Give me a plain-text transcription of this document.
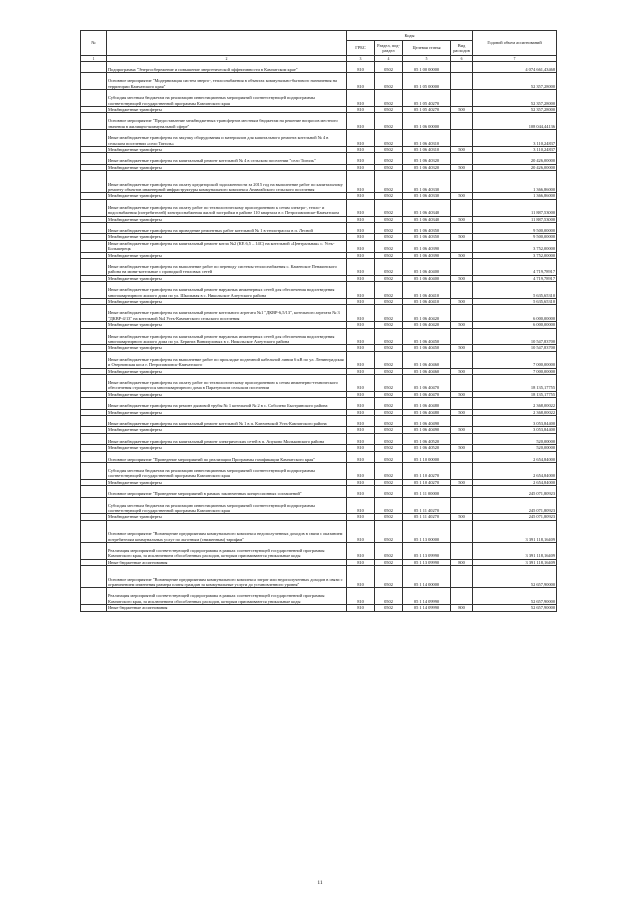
№		Коды				Годовой объем ассигнований
		ГРБС	Раздел, под-раздел	Целевая статья	Вид расходов	
1	2	3	4	5	6	7
	Подпрограмма "Энергосбережение и повышение энергетической эффективности в Камчатском крае"	810	0502	05 1 00 00000		4 074 661,43468
	Основное мероприятие "Модернизация систем энерго-, теплоснабжения в объектах коммунально-бытового назначения на территории Камчатского края"	810	0502	05 1 05 00000		52 357,28000
	Субсидия местным бюджетам на реализацию инвестиционных мероприятий соответствующей подпрограммы соответствующей государственной программы Камчатского края	810	0502	05 1 05 40270		52 357,28000
	Межбюджетные трансферты	810	0502	05 1 05 40270	500	52 357,28000
	Основное мероприятие "Предоставление межбюджетных трансфертов местным бюджетам на решение вопросов местного значения в жилищно-коммунальной сфере"	810	0502	05 1 06 00000		108 044,44136
	Иные межбюджетные трансферты на закупку оборудования и материалов для капитального ремонта котельной № 4 в сельском поселении «село Тигиль»	810	0502	05 1 06 40310		3 110,24837
	Межбюджетные трансферты	810	0502	05 1 06 40310	500	3 110,24837
	Иные межбюджетные трансферты на капитальный ремонт котельной № 4 в сельском поселении "село Тигиль"	810	0502	05 1 06 40320		20 426,00000
	Межбюджетные трансферты	810	0502	05 1 06 40320	500	20 426,00000
	Иные межбюджетные трансферты на оплату кредиторской задолженности за 2015 год на выполнение работ по капитальному ремонту объектов инженерной инфраструктуры коммунального комплекса Анавгайского сельского поселения	810	0502	05 1 06 40330		1 366,86000
	Межбюджетные трансферты	810	0502	05 1 06 40330	500	1 366,86000
	Иные межбюджетные трансферты на оплату работ по технологическому присоединению к сетям электро-, тепло- и водоснабжения (потребителей) электроснабжения жилой застройки в районе 110 квартала в г. Петропавловске-Камчатском	810	0502	05 1 06 40340		11 887,53000
	Межбюджетные трансферты	810	0502	05 1 06 40340	500	11 887,53000
	Иные межбюджетные трансферты на проведение ремонтных работ котельной № 1 в теплотрассы в п. Лесной	810	0502	05 1 06 40350		9 500,00000
	Межбюджетные трансферты	810	0502	05 1 06 40350	500	9 500,00000
	Иные межбюджетные трансферты на капитальный ремонт котла №2 (КЕ 6,5 – 14С) на котельной «Центральная» с. Усть-Большерецк	810	0502	05 1 06 40390		3 752,00000
	Межбюджетные трансферты	810	0502	05 1 06 40390	500	3 752,00000
	Иные межбюджетные трансферты на выполнение работ по переводу системы теплоснабжения с. Каменское Пенжинского района на мини-котельные с проводкой тепловых сетей	810	0502	05 1 06 40400		4 719,78917
	Межбюджетные трансферты	810	0502	05 1 06 40400	500	4 719,78917
	Иные межбюджетные трансферты на капитальный ремонт наружных инженерных сетей для обеспечения водоотведения многоквартирного жилого дома по ул. Школьная в с. Никольское Алеутского района	810	0502	05 1 06 40410		5 635,65310
	Межбюджетные трансферты	810	0502	05 1 06 40410	500	5 635,65310
	Иные межбюджетные трансферты на капитальный ремонт котельного агрегата №1 "ДКВР-6,5/13", котельного агрегата № 3 "ДКВР-4/13" на котельной №4 Усть-Камчатского сельского поселения	810	0502	05 1 06 40420		6 000,00000
	Межбюджетные трансферты	810	0502	05 1 06 40420	500	6 000,00000
	Иные межбюджетные трансферты на капитальный ремонт наружных инженерных сетей для обеспечения водоотведения многоквартирного жилого дома по ул. Беринга Винипуловых в с. Никольское Алеутского района	810	0502	05 1 06 40450		10 547,83700
	Межбюджетные трансферты	810	0502	05 1 06 40450	500	10 547,83700
	Иные межбюджетные трансферты на выполнение работ по прокладке подземной кабельной линии 6 кВ по ул. Ленинградская и Озерновская коса г. Петропавловск-Камчатского	810	0502	05 1 06 40460		7 000,00000
	Межбюджетные трансферты	810	0502	05 1 06 40460	500	7 000,00000
	Иные межбюджетные трансферты на оплату работ по технологическому присоединению к сетям инженерно-технического обеспечения строящегося многоквартирного дома в Паратунском сельском поселении	810	0502	05 1 06 40470		18 135,17755
	Межбюджетные трансферты	810	0502	05 1 06 40470	500	18 135,17755
	Иные межбюджетные трансферты на ремонт дымовой трубы № 1 котельной № 2 в с. Соболево Быстринского района	810	0502	05 1 06 40480		2 368,00022
	Межбюджетные трансферты	810	0502	05 1 06 40480	500	2 368,00022
	Иные межбюджетные трансферты на капитальный ремонт котельной № 1 в п. Ключевской Усть-Камчатского района	810	0502	05 1 06 40490		3 053,84400
	Межбюджетные трансферты	810	0502	05 1 06 40490	500	3 053,84400
	Иные межбюджетные трансферты на капитальный ремонт электрических сетей в п. Апуково Мильковского района	810	0502	05 1 06 40520		520,00000
	Межбюджетные трансферты	810	0502	05 1 06 40520	500	520,00000
	Основное мероприятие "Проведение мероприятий по реализации Программы газификации Камчатского края"	810	0502	05 1 10 00000		2 654,84000
	Субсидия местным бюджетам на реализацию инвестиционных мероприятий соответствующей подпрограммы соответствующей государственной программы Камчатского края	810	0502	05 1 10 40270		2 654,84000
	Межбюджетные трансферты	810	0502	05 1 10 40270	500	2 654,84000
	Основное мероприятие "Проведение мероприятий в рамках заключенных концессионных соглашений"	810	0502	05 1 11 00000		245 071,80923
	Субсидия местным бюджетам на реализацию инвестиционных мероприятий соответствующей подпрограммы соответствующей государственной программы Камчатского края	810	0502	05 1 11 40270		245 071,80923
	Межбюджетные трансферты	810	0502	05 1 11 40270	500	245 071,80923
	Основное мероприятие "Возмещение предприятиям коммунального комплекса недополученных доходов в связи с оказанием потребителям коммунальных услуг по льготным (сниженным) тарифам"	810	0502	05 1 13 00000		3 391 118,16409
	Реализация мероприятий соответствующей подпрограммы в рамках соответствующей государственной программы Камчатского края, за исключением обособленных расходов, которым присваиваются уникальные коды	810	0502	05 1 13 09990		3 391 118,16409
	Иные бюджетные ассигнования	810	0502	05 1 13 09990	800	3 391 118,16409
	Основное мероприятие "Возмещение предприятиям коммунального комплекса затрат или недополученных доходов в связи с ограничением изменения размера платы граждан за коммунальные услуги до установленного уровня"	810	0502	05 1 14 00000		52 657,90000
	Реализация мероприятий соответствующей подпрограммы в рамках соответствующей государственной программы Камчатского края, за исключением обособленных расходов, которым присваиваются уникальные коды	810	0502	05 1 14 09990		52 657,90000
	Иные бюджетные ассигнования	810	0502	05 1 14 09990	800	52 657,90000
11
